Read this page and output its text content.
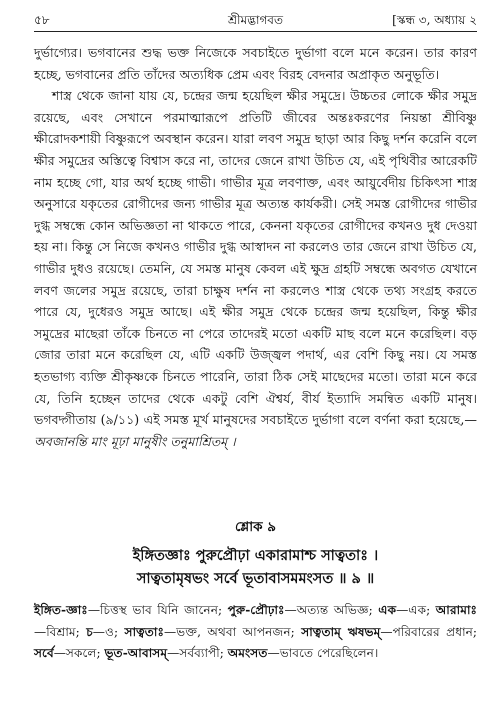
৫৮	শ্রীমদ্ভাগবত	[স্কন্ধ ৩, অধ্যায় ২

দুর্ভাগ্যের। ভগবানের শুদ্ধ ভক্ত নিজেকে সবচাইতে দুর্ভাগা বলে মনে করেন। তার কারণ হচ্ছে, ভগবানের প্রতি তাঁদের অত্যধিক প্রেম এবং বিরহ বেদনার অপ্রাকৃত অনুভূতি।

শাস্ত্র থেকে জানা যায় যে, চন্দ্রের জন্ম হয়েছিল ক্ষীর সমুদ্রে। উচ্চতর লোকে ক্ষীর সমুদ্র রয়েছে, এবং সেখানে পরমাত্মারূপে প্রতিটি জীবের অন্তঃকরণের নিয়ন্তা শ্রীবিষ্ণু ক্ষীরোদকশায়ী বিষ্ণুরূপে অবস্থান করেন। যারা লবণ সমুদ্র ছাড়া আর কিছু দর্শন করেনি বলে ক্ষীর সমুদ্রের অস্তিত্বে বিশ্বাস করে না, তাদের জেনে রাখা উচিত যে, এই পৃথিবীর আরেকটি নাম হচ্ছে গো, যার অর্থ হচ্ছে গাভী। গাভীর মূত্র লবণাক্ত, এবং আয়ুর্বেদীয় চিকিৎসা শাস্ত্র অনুসারে যকৃতের রোগীদের জন্য গাভীর মূত্র অত্যন্ত কার্যকরী। সেই সমস্ত রোগীদের গাভীর দুগ্ধ সম্বন্ধে কোন অভিজ্ঞতা না থাকতে পারে, কেননা যকৃতের রোগীদের কখনও দুধ দেওয়া হয় না। কিন্তু সে নিজে কখনও গাভীর দুগ্ধ আস্বাদন না করলেও তার জেনে রাখা উচিত যে, গাভীর দুধও রয়েছে। তেমনি, যে সমস্ত মানুষ কেবল এই ক্ষুদ্র গ্রহটি সম্বন্ধে অবগত যেখানে লবণ জলের সমুদ্র রয়েছে, তারা চাক্ষুষ দর্শন না করলেও শাস্ত্র থেকে তথ্য সংগ্রহ করতে পারে যে, দুধেরও সমুদ্র আছে। এই ক্ষীর সমুদ্র থেকে চন্দ্রের জন্ম হয়েছিল, কিন্তু ক্ষীর সমুদ্রের মাছেরা তাঁকে চিনতে না পেরে তাদেরই মতো একটি মাছ বলে মনে করেছিল। বড় জোর তারা মনে করেছিল যে, এটি একটি উজ্জ্বল পদার্থ, এর বেশি কিছু নয়। যে সমস্ত হতভাগ্য ব্যক্তি শ্রীকৃষ্ণকে চিনতে পারেনি, তারা ঠিক সেই মাছেদের মতো। তারা মনে করে যে, তিনি হচ্ছেন তাদের থেকে একটু বেশি ঐশ্বর্য, বীর্য ইত্যাদি সমন্বিত একটি মানুষ। ভগবদ্গীতায় (৯/১১) এই সমস্ত মূর্খ মানুষদের সবচাইতে দুর্ভাগা বলে বর্ণনা করা হয়েছে,—অবজানন্তি মাং মূঢ়া মানুষীং তনুমাশ্রিতম্ ।

শ্লোক ৯

ইঙ্গিতজ্ঞাঃ পুরুপ্রৌঢ়া একারামাশ্চ সাত্বতাঃ ।

সাত্বতামৃষভং সর্বে ভূতাবাসমমংসত ॥ ৯ ॥

ইঙ্গিত-জ্ঞাঃ—চিত্তস্থ ভাব যিনি জানেন; পুরু-প্রৌঢ়াঃ—অত্যন্ত অভিজ্ঞ; এক—এক; আরামাঃ—বিশ্রাম; চ—ও; সাত্বতাঃ—ভক্ত, অথবা আপনজন; সাত্বতাম্ ঋষভম্—পরিবারের প্রধান; সর্বে—সকলে; ভূত-আবাসম্—সর্বব্যাপী; অমংসত—ভাবতে পেরেছিলেন।
